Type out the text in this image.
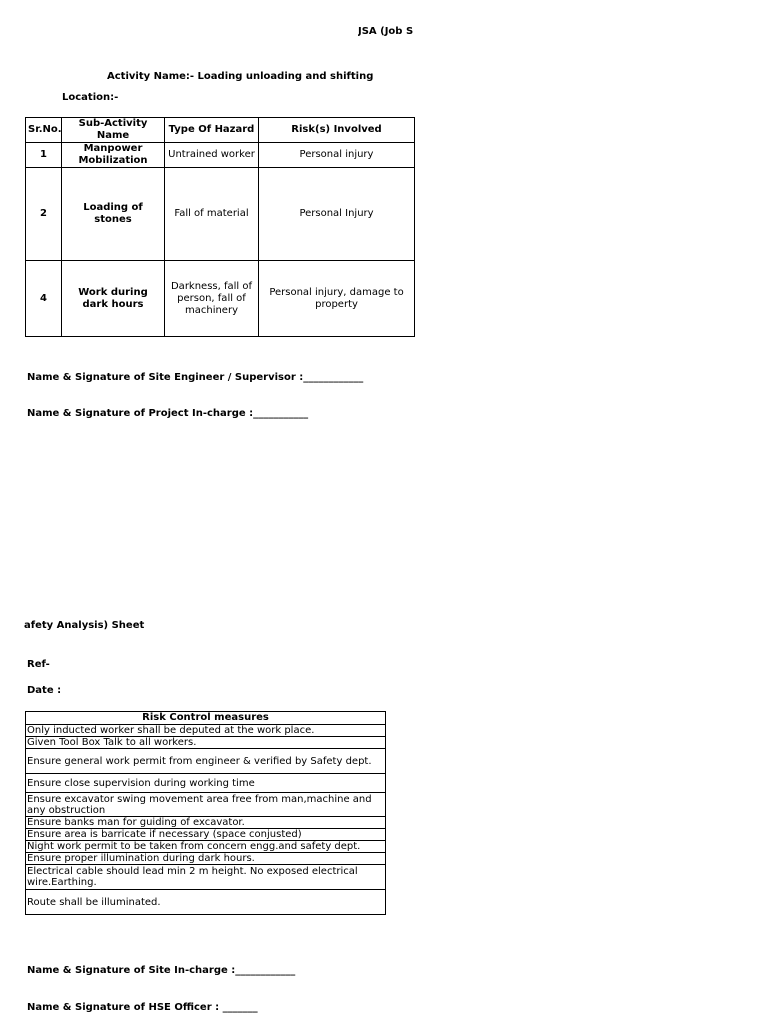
JSA (Job S
Activity Name:- Loading unloading and shifting
Location:-
Sr.No.	Sub-Activity Name	Type Of Hazard	Risk(s) Involved
1	Manpower Mobilization	Untrained worker	Personal injury
2	Loading of stones	Fall of material	Personal Injury
4	Work during dark hours	Darkness, fall of person, fall of machinery	Personal injury, damage to property
Name & Signature of Site Engineer / Supervisor :____________
Name & Signature of Project In-charge :___________
afety Analysis) Sheet
Ref-
Date :
Risk Control measures
Only inducted worker shall be deputed at the work place.
Given Tool Box Talk to all workers.
Ensure general work permit from engineer & verified by Safety dept.
Ensure close supervision during working time
Ensure excavator swing movement area free from man,machine and any obstruction
Ensure banks man for guiding of excavator.
Ensure area is barricate if necessary (space conjusted)
Night work permit to be taken from concern engg.and safety dept.
Ensure proper illumination during dark hours.
Electrical cable should lead min 2 m height. No exposed electrical wire.Earthing.
Route shall be illuminated.
Name & Signature of Site In-charge :____________
Name & Signature of HSE Officer : _______
